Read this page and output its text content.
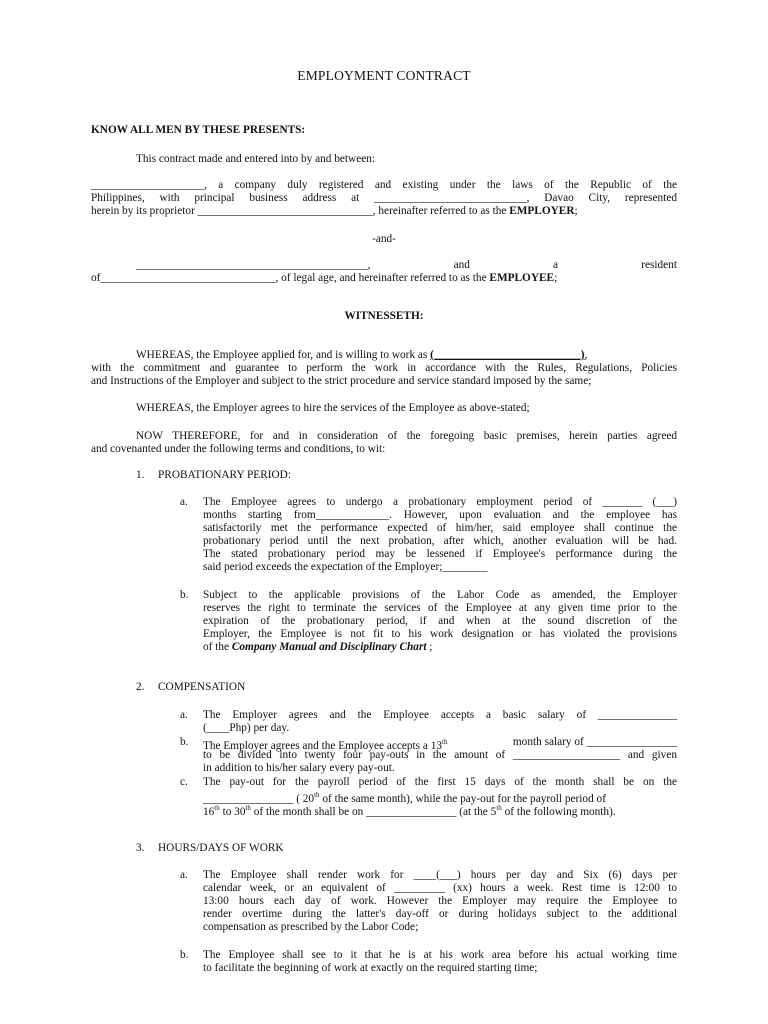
EMPLOYMENT CONTRACT
KNOW ALL MEN BY THESE PRESENTS:
This contract made and entered into by and between:
____________________, a company duly registered and existing under the laws of the Republic of the
Philippines, with principal business address at ___________________________, Davao City, represented
herein by its proprietor _______________________________, hereinafter referred to as the EMPLOYER;
-and-
_________________________________________,	and	a	resident
of_______________________________, of legal age, and hereinafter referred to as the EMPLOYEE;
WITNESSETH:
WHEREAS, the Employee applied for, and is willing to work as (__________________________),
with the commitment and guarantee to perform the work in accordance with the Rules, Regulations, Policies
and Instructions of the Employer and subject to the strict procedure and service standard imposed by the same;
WHEREAS, the Employer agrees to hire the services of the Employee as above-stated;
NOW THEREFORE, for and in consideration of the foregoing basic premises, herein parties agreed
and covenanted under the following terms and conditions, to wit:
1. PROBATIONARY PERIOD:
a. The Employee agrees to undergo a probationary employment period of _______ (___)
months starting from_____________. However, upon evaluation and the employee has
satisfactorily met the performance expected of him/her, said employee shall continue the
probationary period until the next probation, after which, another evaluation will be had.
The stated probationary period may be lessened if Employee's performance during the
said period exceeds the expectation of the Employer;________
b. Subject to the applicable provisions of the Labor Code as amended, the Employer
reserves the right to terminate the services of the Employee at any given time prior to the
expiration of the probationary period, if and when at the sound discretion of the
Employer, the Employee is not fit to his work designation or has violated the provisions
of the Company Manual and Disciplinary Chart ;
2. COMPENSATION
a. The Employer agrees and the Employee accepts a basic salary of ______________
(____Php) per day.
b. The Employer agrees and the Employee accepts a 13th	month salary of ________________
to be divided into twenty four pay-outs in the amount of ___________________ and given
in addition to his/her salary every pay-out.
c. The pay-out for the payroll period of the first 15 days of the month shall be on the
________________ ( 20th of the same month), while the pay-out for the payroll period of
16th to 30th of the month shall be on ________________ (at the 5th of the following month).
3. HOURS/DAYS OF WORK
a. The Employee shall render work for ____(___) hours per day and Six (6) days per
calendar week, or an equivalent of _________ (xx) hours a week. Rest time is 12:00 to
13:00 hours each day of work. However the Employer may require the Employee to
render overtime during the latter's day-off or during holidays subject to the additional
compensation as prescribed by the Labor Code;
b. The Employee shall see to it that he is at his work area before his actual working time
to facilitate the beginning of work at exactly on the required starting time;
